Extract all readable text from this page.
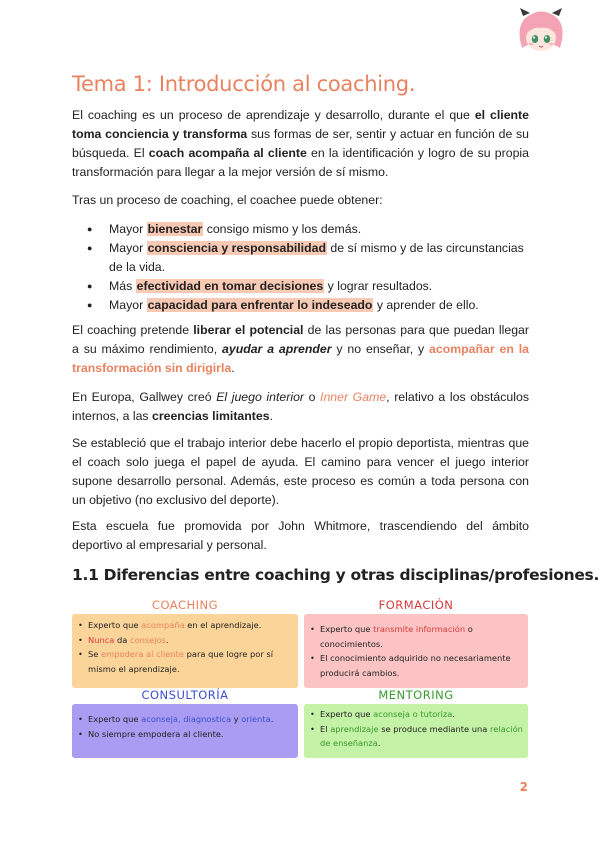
Tema 1: Introducción al coaching.

El coaching es un proceso de aprendizaje y desarrollo, durante el que el cliente toma conciencia y transforma sus formas de ser, sentir y actuar en función de su búsqueda. El coach acompaña al cliente en la identificación y logro de su propia transformación para llegar a la mejor versión de sí mismo.

Tras un proceso de coaching, el coachee puede obtener:

● Mayor bienestar consigo mismo y los demás.
● Mayor consciencia y responsabilidad de sí mismo y de las circunstancias de la vida.
● Más efectividad en tomar decisiones y lograr resultados.
● Mayor capacidad para enfrentar lo indeseado y aprender de ello.

El coaching pretende liberar el potencial de las personas para que puedan llegar a su máximo rendimiento, ayudar a aprender y no enseñar, y acompañar en la transformación sin dirigirla.

En Europa, Gallwey creó El juego interior o Inner Game, relativo a los obstáculos internos, a las creencias limitantes.

Se estableció que el trabajo interior debe hacerlo el propio deportista, mientras que el coach solo juega el papel de ayuda. El camino para vencer el juego interior supone desarrollo personal. Además, este proceso es común a toda persona con un objetivo (no exclusivo del deporte).

Esta escuela fue promovida por John Whitmore, trascendiendo del ámbito deportivo al empresarial y personal.

1.1 Diferencias entre coaching y otras disciplinas/profesiones.
COACHING
• Experto que acompaña en el aprendizaje.
• Nunca da consejos.
• Se empodera al cliente para que logre por sí mismo el aprendizaje.
FORMACIÓN
• Experto que transmite información o conocimientos.
• El conocimiento adquirido no necesariamente producirá cambios.
CONSULTORÍA
• Experto que aconseja, diagnostica y orienta.
• No siempre empodera al cliente.
MENTORING
• Experto que aconseja o tutoriza.
• El aprendizaje se produce mediante una relación de enseñanza.
2
